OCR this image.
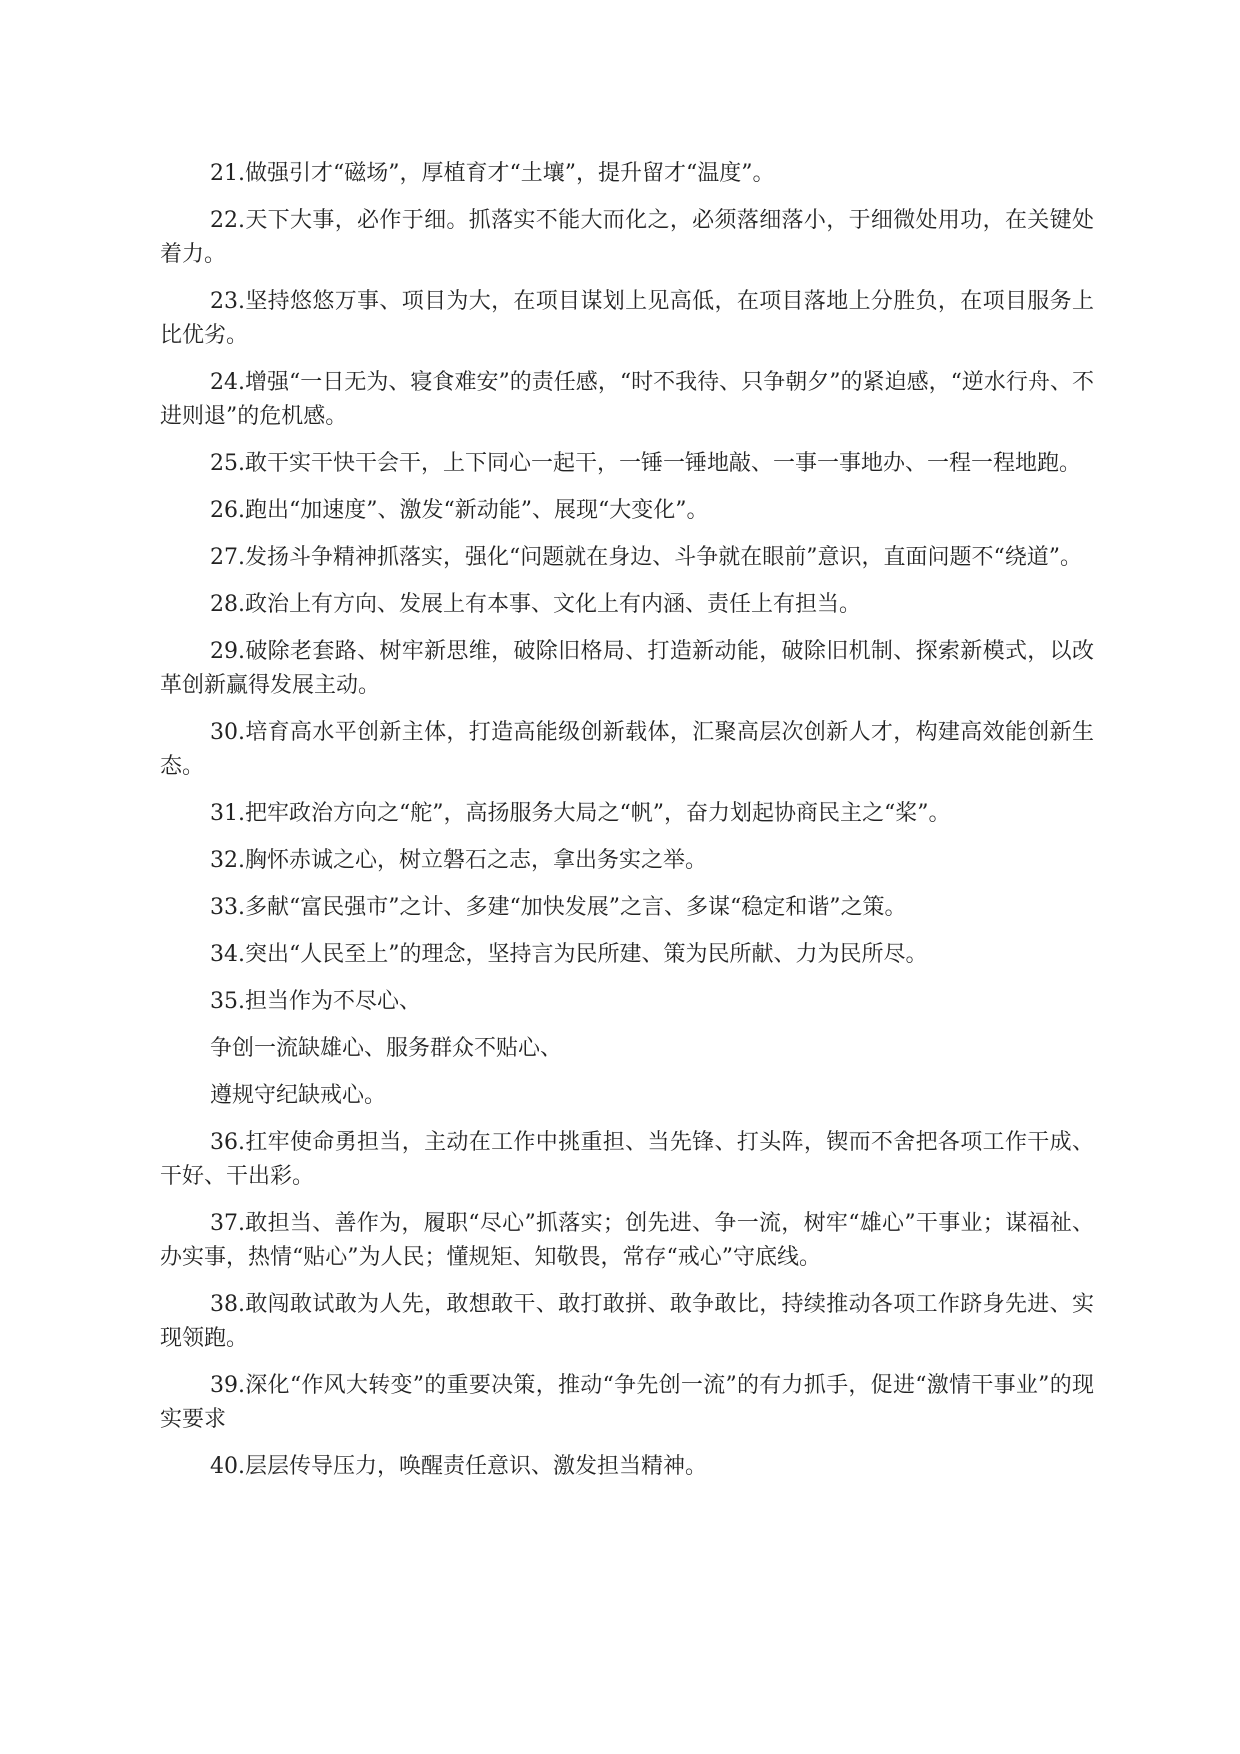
21.做强引才“磁场”，厚植育才“土壤”，提升留才“温度”。

22.天下大事，必作于细。抓落实不能大而化之，必须落细落小，于细微处用功，在关键处着力。

23.坚持悠悠万事、项目为大，在项目谋划上见高低，在项目落地上分胜负，在项目服务上比优劣。

24.增强“一日无为、寝食难安”的责任感，“时不我待、只争朝夕”的紧迫感，“逆水行舟、不进则退”的危机感。

25.敢干实干快干会干，上下同心一起干，一锤一锤地敲、一事一事地办、一程一程地跑。

26.跑出“加速度”、激发“新动能”、展现“大变化”。

27.发扬斗争精神抓落实，强化“问题就在身边、斗争就在眼前”意识，直面问题不“绕道”。

28.政治上有方向、发展上有本事、文化上有内涵、责任上有担当。

29.破除老套路、树牢新思维，破除旧格局、打造新动能，破除旧机制、探索新模式，以改革创新赢得发展主动。

30.培育高水平创新主体，打造高能级创新载体，汇聚高层次创新人才，构建高效能创新生态。

31.把牢政治方向之“舵”，高扬服务大局之“帆”，奋力划起协商民主之“桨”。

32.胸怀赤诚之心，树立磐石之志，拿出务实之举。

33.多献“富民强市”之计、多建“加快发展”之言、多谋“稳定和谐”之策。

34.突出“人民至上”的理念，坚持言为民所建、策为民所献、力为民所尽。

35.担当作为不尽心、

争创一流缺雄心、服务群众不贴心、

遵规守纪缺戒心。

36.扛牢使命勇担当，主动在工作中挑重担、当先锋、打头阵，锲而不舍把各项工作干成、干好、干出彩。

37.敢担当、善作为，履职“尽心”抓落实；创先进、争一流，树牢“雄心”干事业；谋福祉、办实事，热情“贴心”为人民；懂规矩、知敬畏，常存“戒心”守底线。

38.敢闯敢试敢为人先，敢想敢干、敢打敢拼、敢争敢比，持续推动各项工作跻身先进、实现领跑。

39.深化“作风大转变”的重要决策，推动“争先创一流”的有力抓手，促进“激情干事业”的现实要求

40.层层传导压力，唤醒责任意识、激发担当精神。
